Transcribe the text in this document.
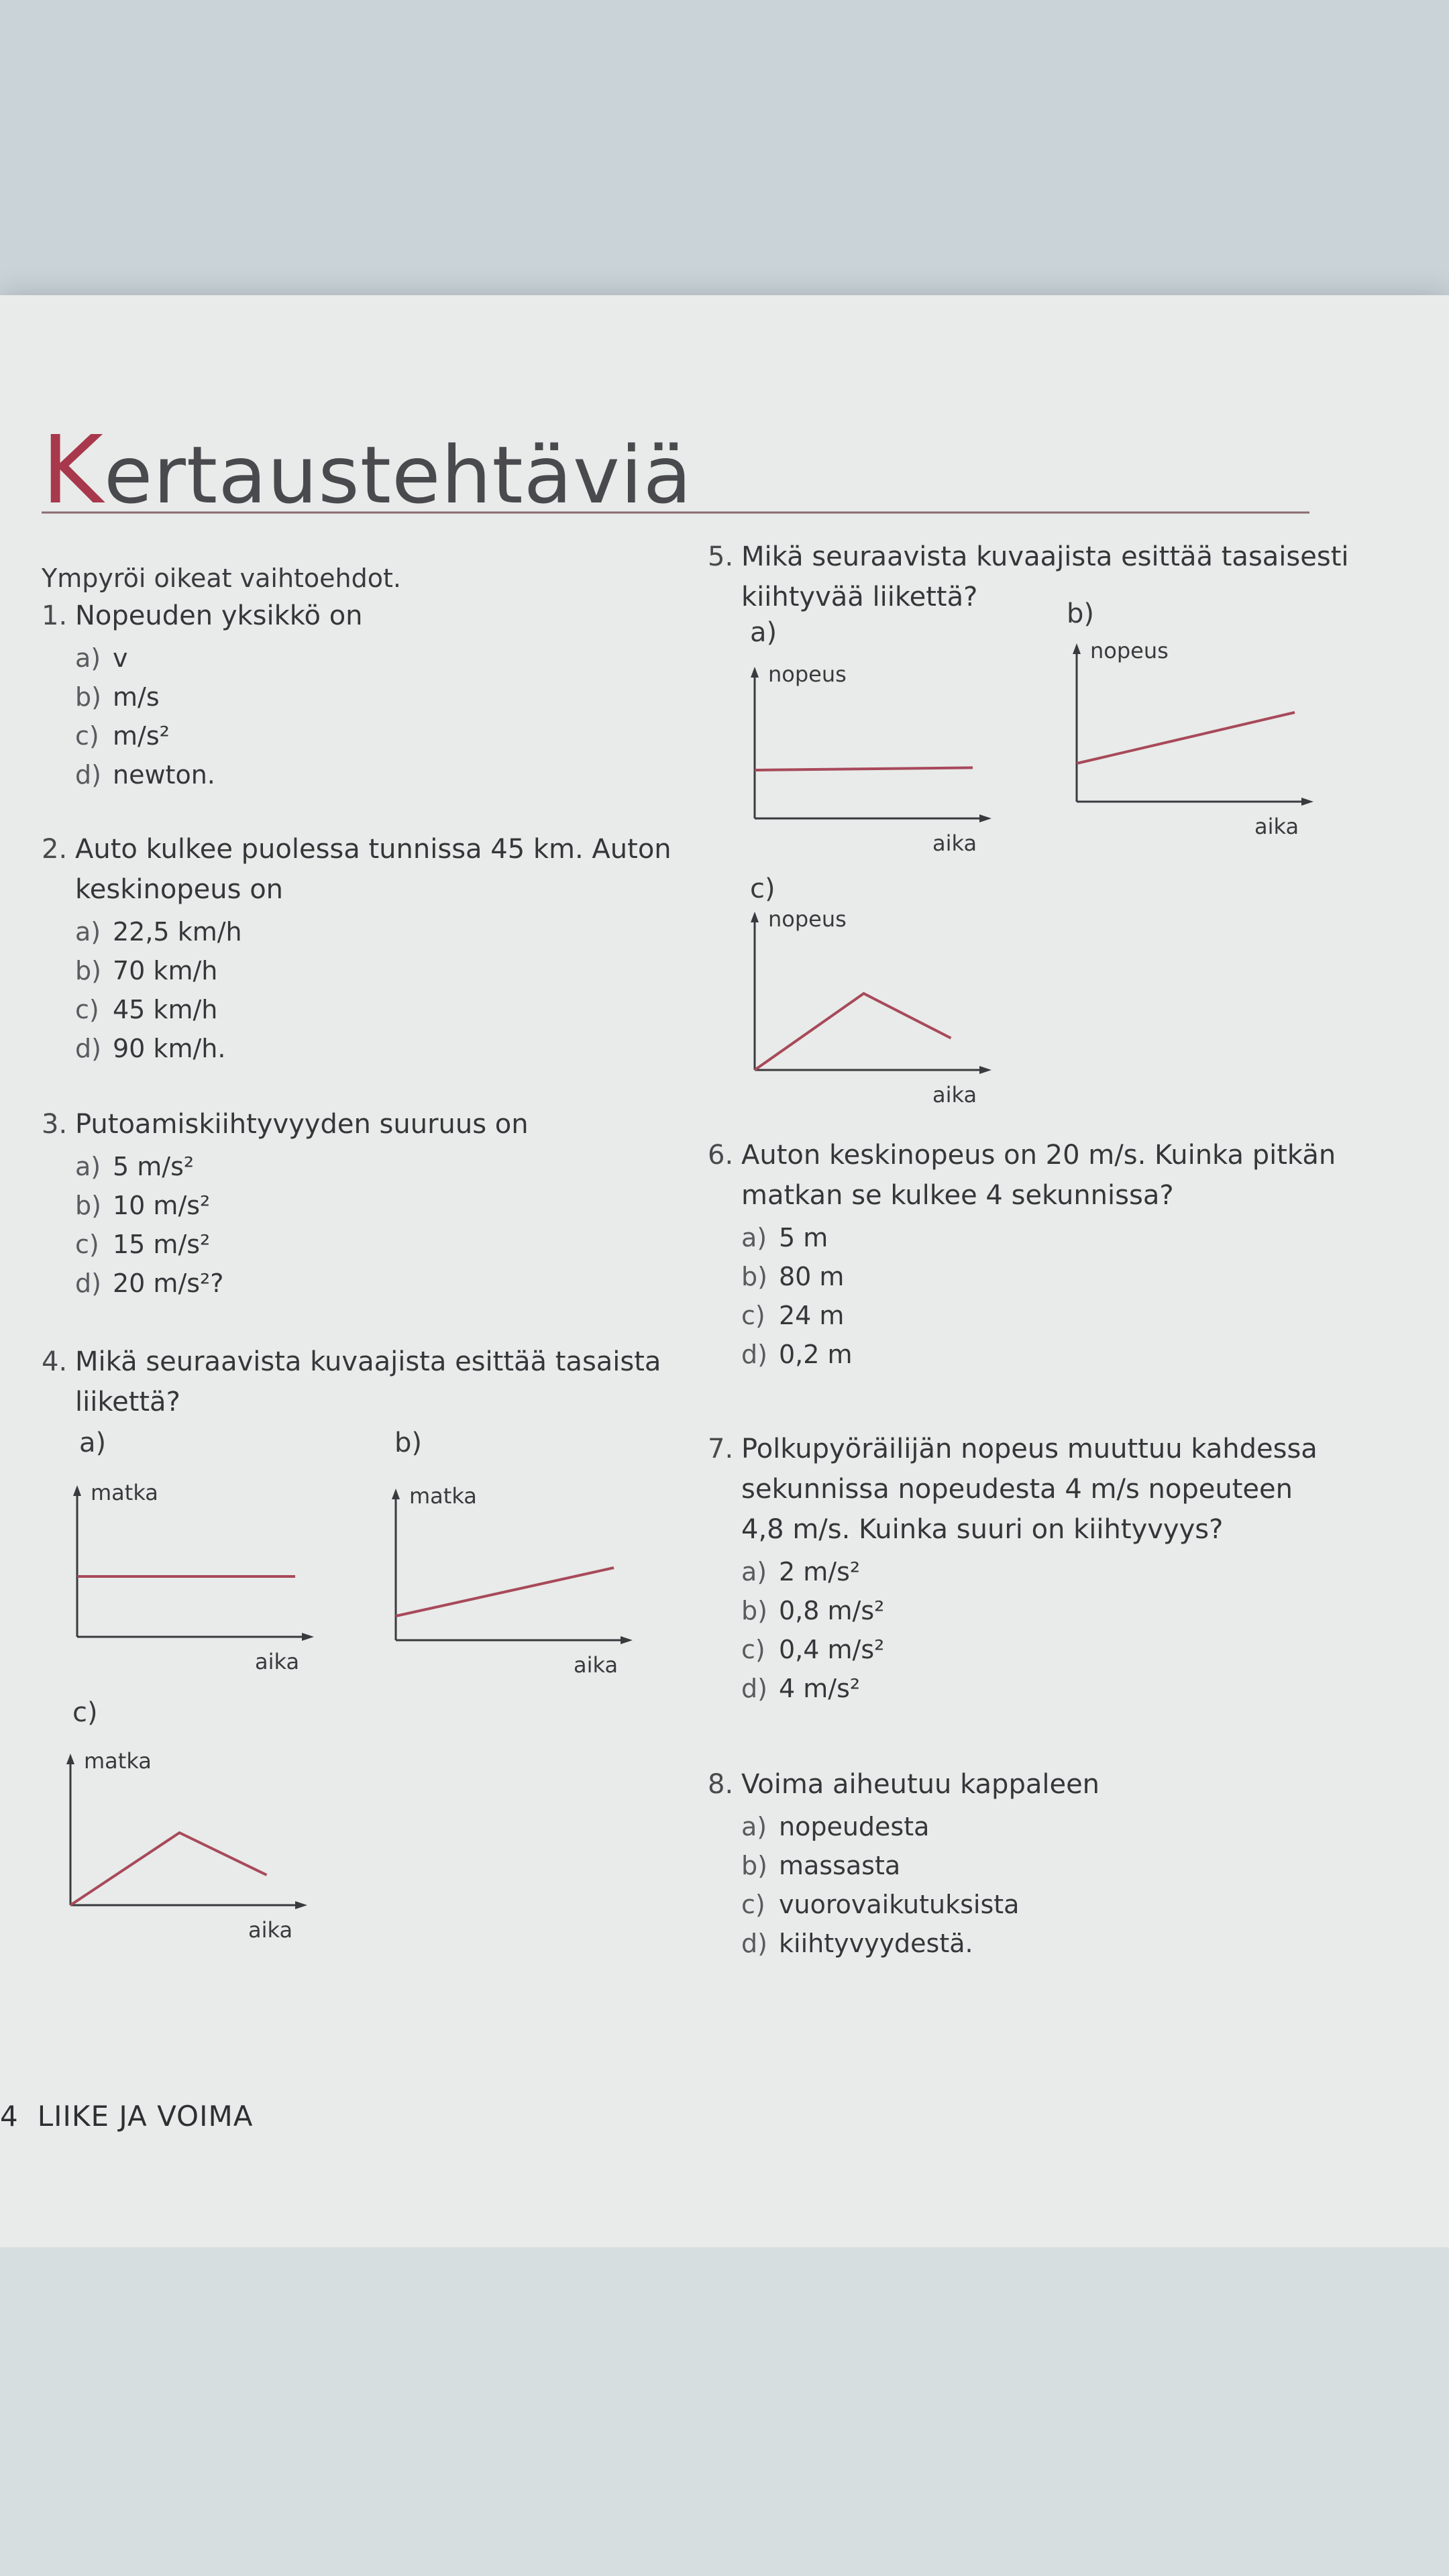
Kertaustehtäviä
Ympyröi oikeat vaihtoehdot.
1. Nopeuden yksikkö on
a) v
b) m/s
c) m/s²
d) newton.
2. Auto kulkee puolessa tunnissa 45 km. Auton
keskinopeus on
a) 22,5 km/h
b) 70 km/h
c) 45 km/h
d) 90 km/h.
3. Putoamiskiihtyvyyden suuruus on
a) 5 m/s²
b) 10 m/s²
c) 15 m/s²
d) 20 m/s²?
4. Mikä seuraavista kuvaajista esittää tasaista
liikettä?
5. Mikä seuraavista kuvaajista esittää tasaisesti
kiihtyvää liikettä?
6. Auton keskinopeus on 20 m/s. Kuinka pitkän
matkan se kulkee 4 sekunnissa?
a) 5 m
b) 80 m
c) 24 m
d) 0,2 m
7. Polkupyöräilijän nopeus muuttuu kahdessa
sekunnissa nopeudesta 4 m/s nopeuteen
4,8 m/s. Kuinka suuri on kiihtyvyys?
a) 2 m/s²
b) 0,8 m/s²
c) 0,4 m/s²
d) 4 m/s²
8. Voima aiheutuu kappaleen
a) nopeudesta
b) massasta
c) vuorovaikutuksista
d) kiihtyvyydestä.
a)	b)
c)
a)
b)
c)
matka
aika
matka
aika
matka
aika
nopeus
aika
nopeus
aika
nopeus
aika
4 LIIKE JA VOIMA
